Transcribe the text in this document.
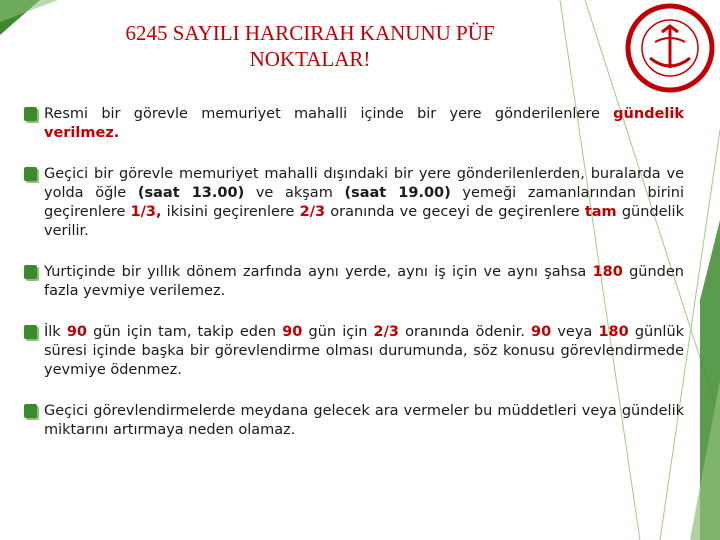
6245 SAYILI HARCIRAH KANUNU PÜF
NOKTALAR!
Resmi bir görevle memuriyet mahalli içinde bir yere gönderilenlere gündelik verilmez.
Geçici bir görevle memuriyet mahalli dışındaki bir yere gönderilenlerden, buralarda ve yolda öğle (saat 13.00) ve akşam (saat 19.00) yemeği zamanlarından birini geçirenlere 1/3, ikisini geçirenlere 2/3 oranında ve geceyi de geçirenlere tam gündelik verilir.
Yurtiçinde bir yıllık dönem zarfında aynı yerde, aynı iş için ve aynı şahsa 180 günden fazla yevmiye verilemez.
İlk 90 gün için tam, takip eden 90 gün için 2/3 oranında ödenir. 90 veya 180 günlük süresi içinde başka bir görevlendirme olması durumunda, söz konusu görevlendirmede yevmiye ödenmez.
Geçici görevlendirmelerde meydana gelecek ara vermeler bu müddetleri veya gündelik miktarını artırmaya neden olamaz.
